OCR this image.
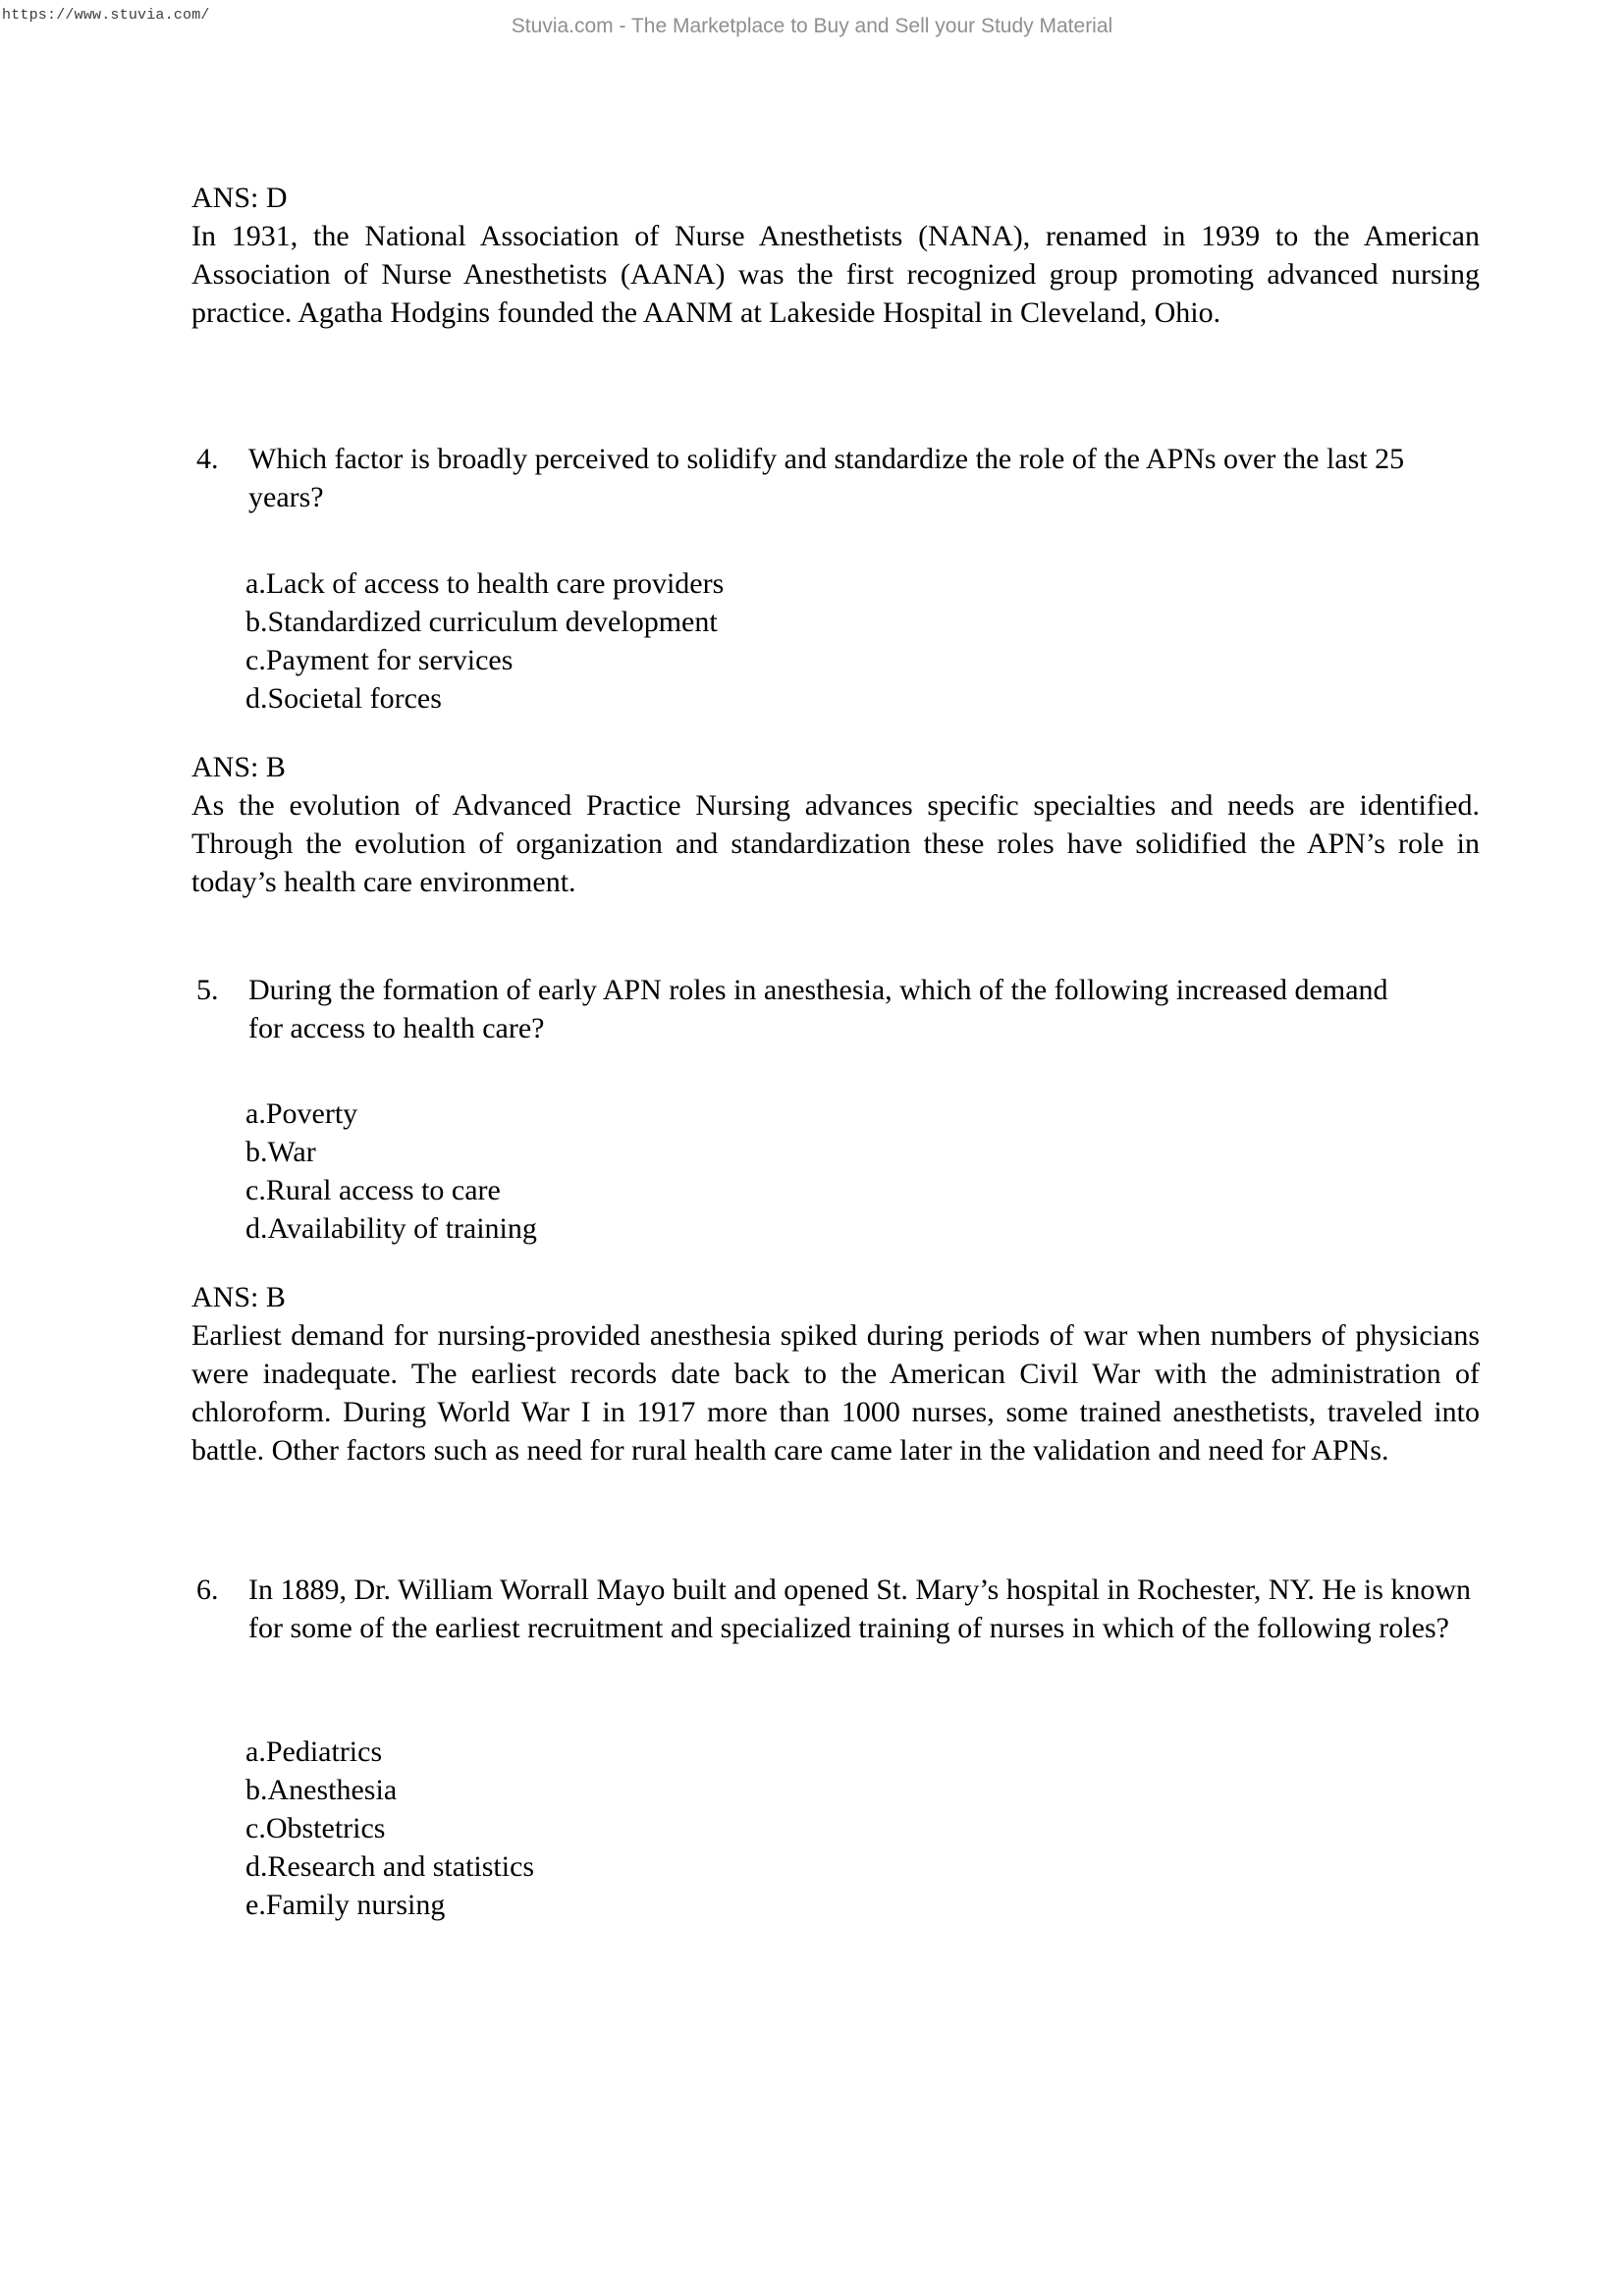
https://www.stuvia.com/	Stuvia.com - The Marketplace to Buy and Sell your Study Material
ANS: D
In 1931, the National Association of Nurse Anesthetists (NANA), renamed in 1939 to the American Association of Nurse Anesthetists (AANA) was the first recognized group promoting advanced nursing practice. Agatha Hodgins founded the AANM at Lakeside Hospital in Cleveland, Ohio.
4.	Which factor is broadly perceived to solidify and standardize the role of the APNs over the last 25 years?
a. Lack of access to health care providers
b. Standardized curriculum development
c. Payment for services
d. Societal forces
ANS: B
As the evolution of Advanced Practice Nursing advances specific specialties and needs are identified. Through the evolution of organization and standardization these roles have solidified the APN’s role in today’s health care environment.
5.	During the formation of early APN roles in anesthesia, which of the following increased demand for access to health care?
a. Poverty
b. War
c. Rural access to care
d. Availability of training
ANS: B
Earliest demand for nursing-provided anesthesia spiked during periods of war when numbers of physicians were inadequate. The earliest records date back to the American Civil War with the administration of chloroform. During World War I in 1917 more than 1000 nurses, some trained anesthetists, traveled into battle. Other factors such as need for rural health care came later in the validation and need for APNs.
6.	In 1889, Dr. William Worrall Mayo built and opened St. Mary’s hospital in Rochester, NY. He is known for some of the earliest recruitment and specialized training of nurses in which of the following roles?
a. Pediatrics
b. Anesthesia
c. Obstetrics
d. Research and statistics
e. Family nursing
